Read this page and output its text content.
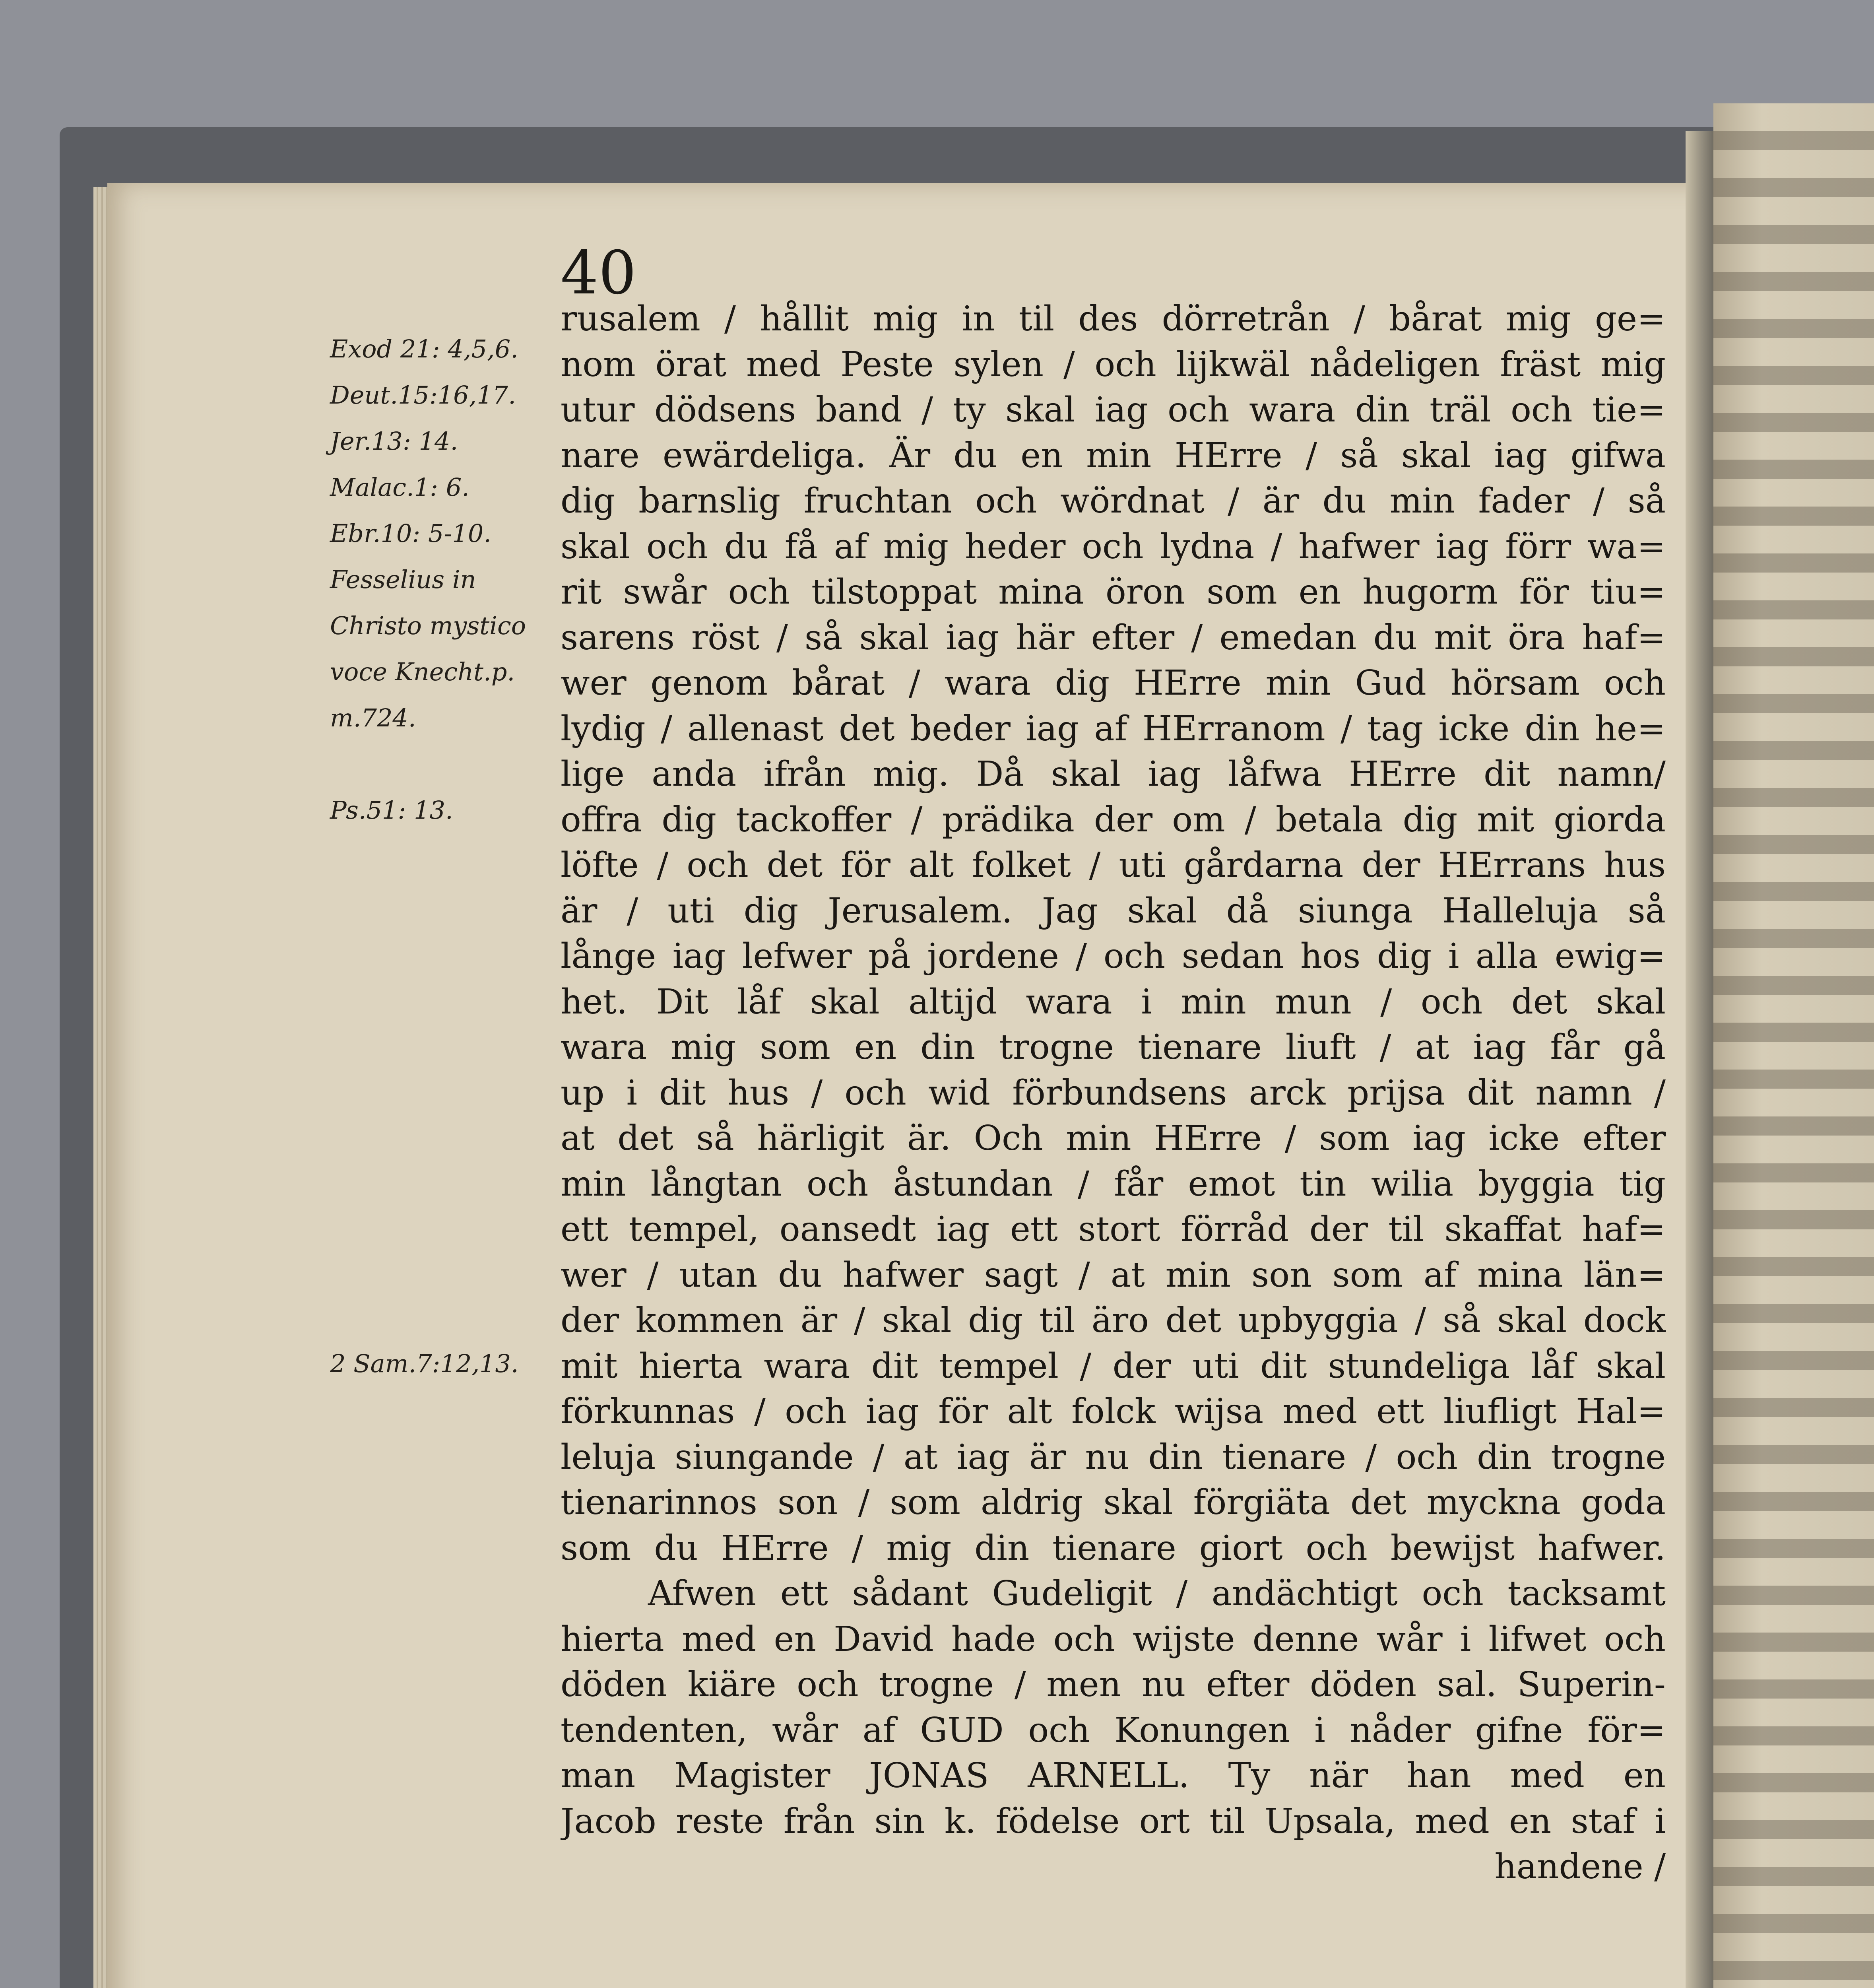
40
Exod 21: 4,5,6.
Deut.15:16,17.
Jer.13: 14.
Malac.1: 6.
Ebr.10: 5-10.
Fesselius in
Christo mystico
voce Knecht.p.
m.724.
Ps.51: 13.
2 Sam.7:12,13.
rusalem / hållit mig in til des dörretrån / bårat mig ge=
nom örat med Peste sylen / och lijkwäl nådeligen fräst mig
utur dödsens band / ty skal iag och wara din träl och tie=
nare ewärdeliga. Är du en min HErre / så skal iag gifwa
dig barnslig fruchtan och wördnat / är du min fader / så
skal och du få af mig heder och lydna / hafwer iag förr wa=
rit swår och tilstoppat mina öron som en hugorm för tiu=
sarens röst / så skal iag här efter / emedan du mit öra haf=
wer genom bårat / wara dig HErre min Gud hörsam och
lydig / allenast det beder iag af HErranom / tag icke din he=
lige anda ifrån mig. Då skal iag låfwa HErre dit namn/
offra dig tackoffer / prädika der om / betala dig mit giorda
löfte / och det för alt folket / uti gårdarna der HErrans hus
är / uti dig Jerusalem. Jag skal då siunga Halleluja så
långe iag lefwer på jordene / och sedan hos dig i alla ewig=
het. Dit låf skal altijd wara i min mun / och det skal
wara mig som en din trogne tienare liuft / at iag får gå
up i dit hus / och wid förbundsens arck prijsa dit namn /
at det så härligit är. Och min HErre / som iag icke efter
min långtan och åstundan / får emot tin wilia byggia tig
ett tempel, oansedt iag ett stort förråd der til skaffat haf=
wer / utan du hafwer sagt / at min son som af mina län=
der kommen är / skal dig til äro det upbyggia / så skal dock
mit hierta wara dit tempel / der uti dit stundeliga låf skal
förkunnas / och iag för alt folck wijsa med ett liufligt Hal=
leluja siungande / at iag är nu din tienare / och din trogne
tienarinnos son / som aldrig skal förgiäta det myckna goda
som du HErre / mig din tienare giort och bewijst hafwer.
Afwen ett sådant Gudeligit / andächtigt och tacksamt
hierta med en David hade och wijste denne wår i lifwet och
döden kiäre och trogne / men nu efter döden sal. Superin-
tendenten, wår af GUD och Konungen i nåder gifne för=
man Magister JONAS ARNELL. Ty när han med en
Jacob reste från sin k. födelse ort til Upsala, med en staf i
handene /
